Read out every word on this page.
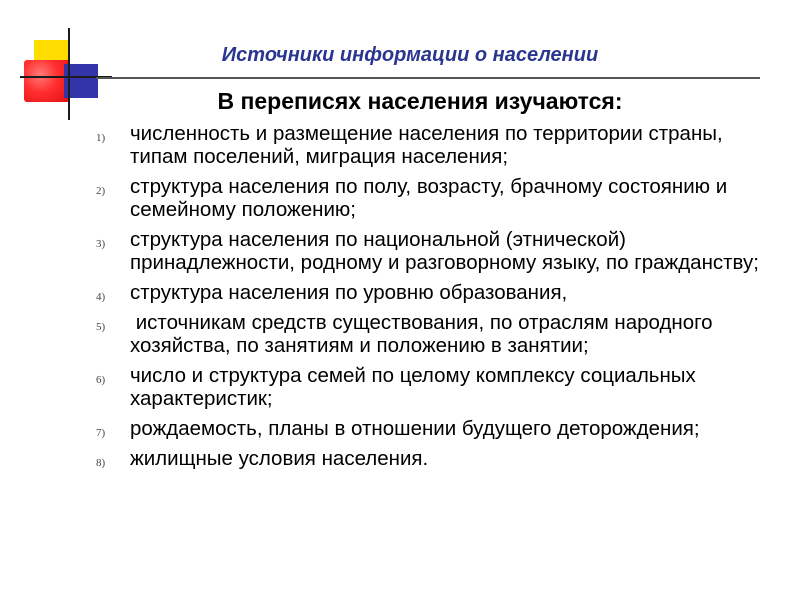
Источники информации о населении
В переписях населения изучаются:
1) численность и размещение населения по территории страны, типам поселений, миграция населения;
2) структура населения по полу, возрасту, брачному состоянию и семейному положению;
3) структура населения по национальной (этнической) принадлежности, родному и разговорному языку, по гражданству;
4) структура населения по уровню образования,
5) источникам средств существования, по отраслям народного хозяйства, по занятиям и положению в занятии;
6) число и структура семей по целому комплексу социальных характеристик;
7) рождаемость, планы в отношении будущего деторождения;
8) жилищные условия населения.
